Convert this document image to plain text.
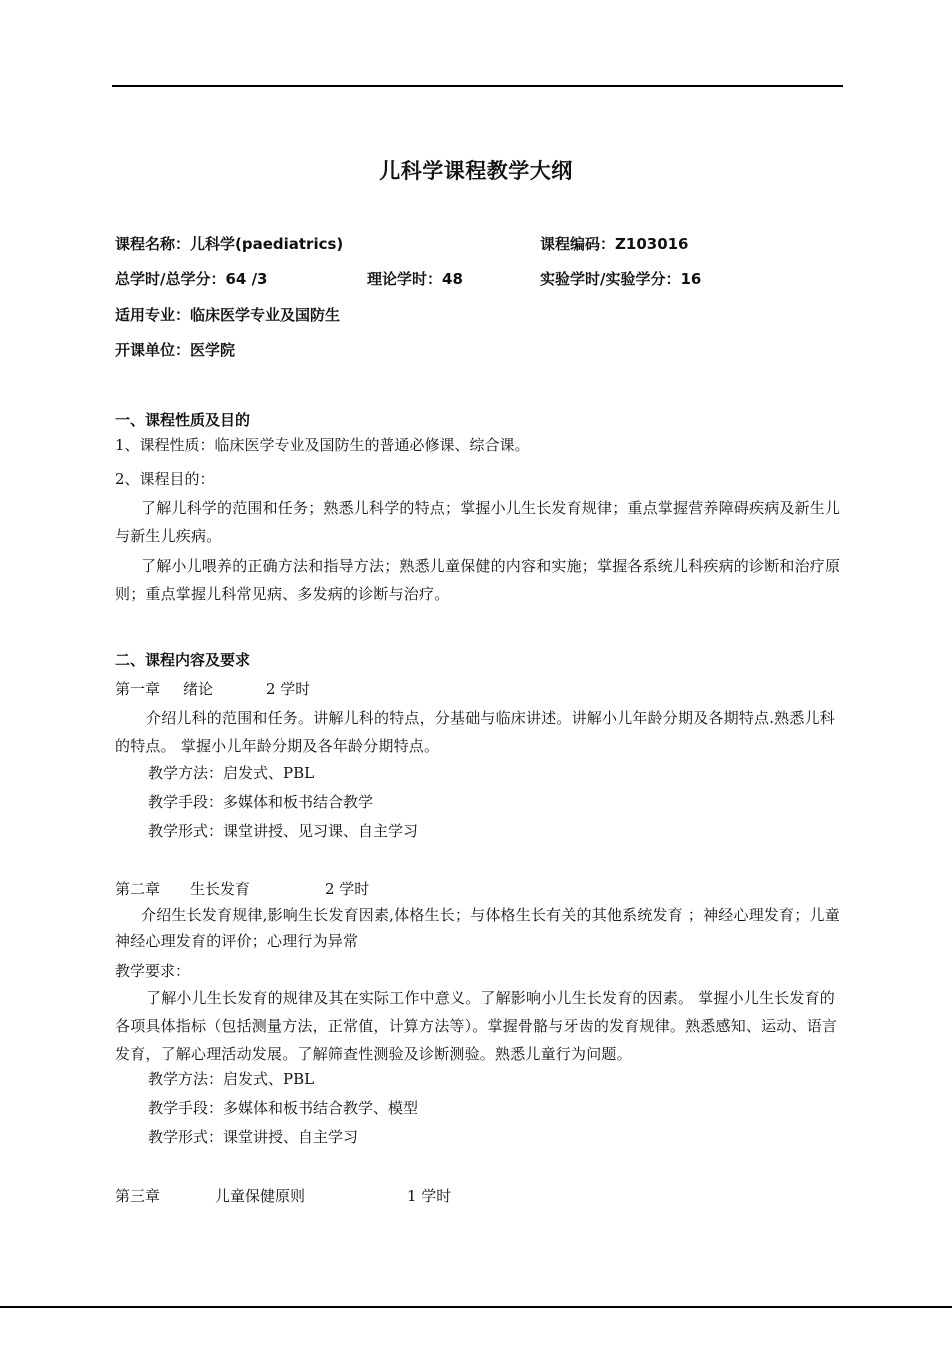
儿科学课程教学大纲
课程名称：儿科学(paediatrics)	课程编码：Z103016
总学时/总学分：64 /3	理论学时：48	实验学时/实验学分：16
适用专业：临床医学专业及国防生
开课单位：医学院
一、课程性质及目的
1、课程性质：临床医学专业及国防生的普通必修课、综合课。
2、课程目的：
了解儿科学的范围和任务；熟悉儿科学的特点；掌握小儿生长发育规律；重点掌握营养障碍疾病及新生儿与新生儿疾病。
了解小儿喂养的正确方法和指导方法；熟悉儿童保健的内容和实施；掌握各系统儿科疾病的诊断和治疗原则；重点掌握儿科常见病、多发病的诊断与治疗。
二、课程内容及要求
第一章 绪论	2 学时
介绍儿科的范围和任务。讲解儿科的特点，分基础与临床讲述。讲解小儿年龄分期及各期特点.熟悉儿科的特点。 掌握小儿年龄分期及各年龄分期特点。
教学方法：启发式、PBL
教学手段：多媒体和板书结合教学
教学形式：课堂讲授、见习课、自主学习
第二章 生长发育	2 学时
介绍生长发育规律,影响生长发育因素,体格生长；与体格生长有关的其他系统发育 ；神经心理发育；儿童神经心理发育的评价；心理行为异常
教学要求：
了解小儿生长发育的规律及其在实际工作中意义。了解影响小儿生长发育的因素。 掌握小儿生长发育的各项具体指标（包括测量方法，正常值，计算方法等）。掌握骨骼与牙齿的发育规律。熟悉感知、运动、语言发育，了解心理活动发展。了解筛查性测验及诊断测验。熟悉儿童行为问题。
教学方法：启发式、PBL
教学手段：多媒体和板书结合教学、模型
教学形式：课堂讲授、自主学习
第三章	儿童保健原则	1 学时
